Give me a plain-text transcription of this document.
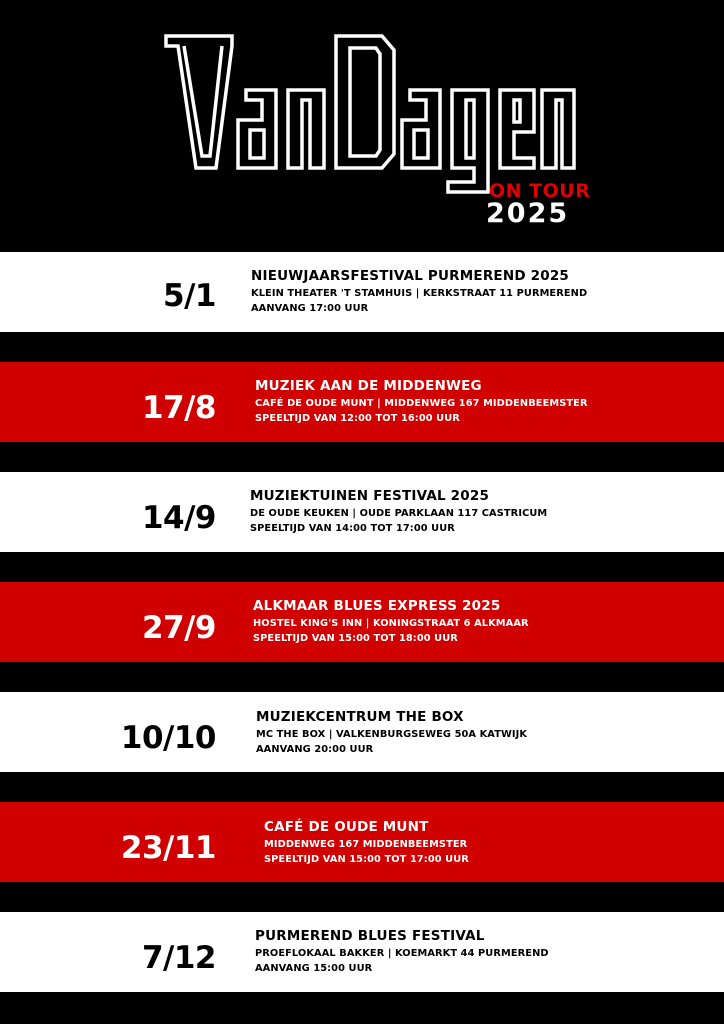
ON TOUR
2025
5/1
NIEUWJAARSFESTIVAL PURMEREND 2025
KLEIN THEATER 'T STAMHUIS | KERKSTRAAT 11 PURMEREND
AANVANG 17:00 UUR
17/8
MUZIEK AAN DE MIDDENWEG
CAFÉ DE OUDE MUNT | MIDDENWEG 167 MIDDENBEEMSTER
SPEELTIJD VAN 12:00 TOT 16:00 UUR
14/9
MUZIEKTUINEN FESTIVAL 2025
DE OUDE KEUKEN | OUDE PARKLAAN 117 CASTRICUM
SPEELTIJD VAN 14:00 TOT 17:00 UUR
27/9
ALKMAAR BLUES EXPRESS 2025
HOSTEL KING'S INN | KONINGSTRAAT 6 ALKMAAR
SPEELTIJD VAN 15:00 TOT 18:00 UUR
10/10
MUZIEKCENTRUM THE BOX
MC THE BOX | VALKENBURGSEWEG 50A KATWIJK
AANVANG 20:00 UUR
23/11
CAFÉ DE OUDE MUNT
MIDDENWEG 167 MIDDENBEEMSTER
SPEELTIJD VAN 15:00 TOT 17:00 UUR
7/12
PURMEREND BLUES FESTIVAL
PROEFLOKAAL BAKKER | KOEMARKT 44 PURMEREND
AANVANG 15:00 UUR
